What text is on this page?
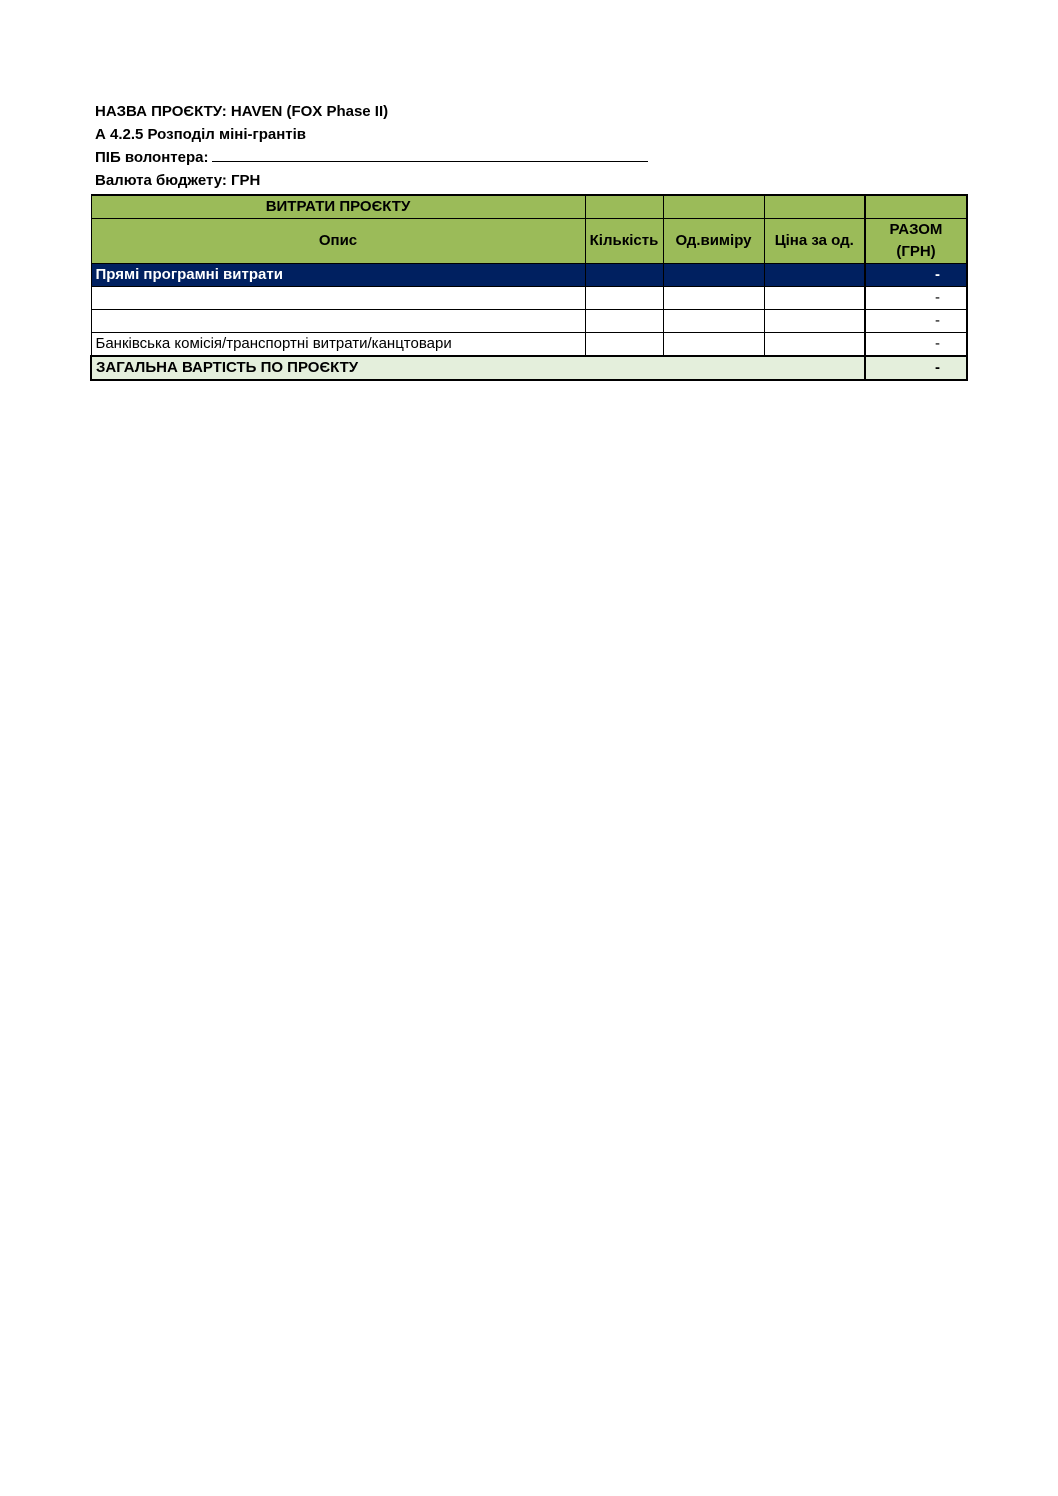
НАЗВА ПРОЄКТУ: HAVEN (FOX Phase II)
А 4.2.5 Розподіл міні-грантів
ПІБ волонтера:
Валюта бюджету: ГРН
ВИТРАТИ ПРОЄКТУ				
Опис	Кількість	Од.виміру	Ціна за од.	РАЗОМ (ГРН)
Прямі програмні витрати				-
				-
				-
Банківська комісія/транспортні витрати/канцтовари				-
ЗАГАЛЬНА ВАРТІСТЬ ПО ПРОЄКТУ				-
